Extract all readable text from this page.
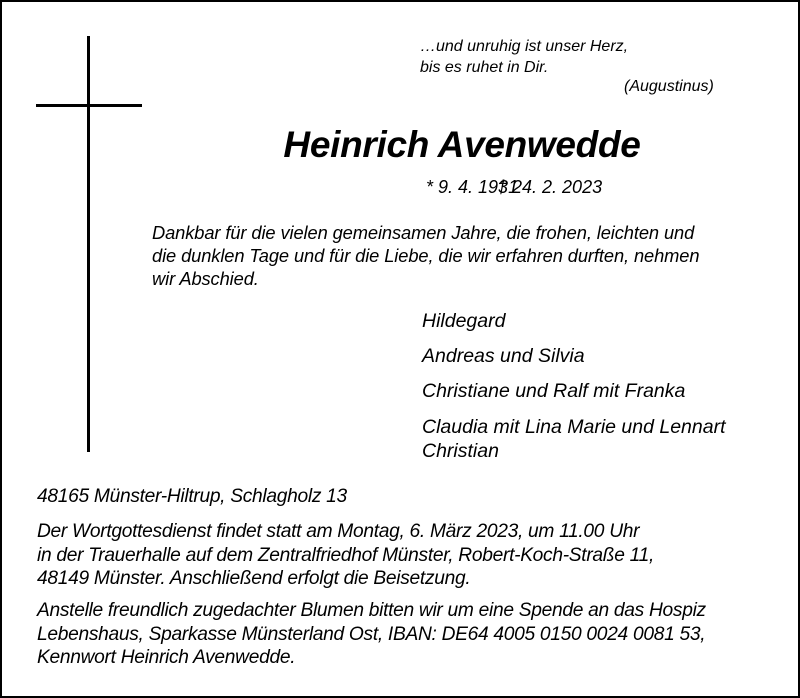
…und unruhig ist unser Herz,
bis es ruhet in Dir.
(Augustinus)
Heinrich Avenwedde
* 9. 4. 1931
† 24. 2. 2023
Dankbar für die vielen gemeinsamen Jahre, die frohen, leichten und
die dunklen Tage und für die Liebe, die wir erfahren durften, nehmen
wir Abschied.
Hildegard
Andreas und Silvia
Christiane und Ralf mit Franka
Claudia mit Lina Marie und Lennart
Christian
48165 Münster-Hiltrup, Schlagholz 13
Der Wortgottesdienst findet statt am Montag, 6. März 2023, um 11.00 Uhr
in der Trauerhalle auf dem Zentralfriedhof Münster, Robert-Koch-Straße 11,
48149 Münster. Anschließend erfolgt die Beisetzung.
Anstelle freundlich zugedachter Blumen bitten wir um eine Spende an das Hospiz
Lebenshaus, Sparkasse Münsterland Ost, IBAN: DE64 4005 0150 0024 0081 53,
Kennwort Heinrich Avenwedde.
